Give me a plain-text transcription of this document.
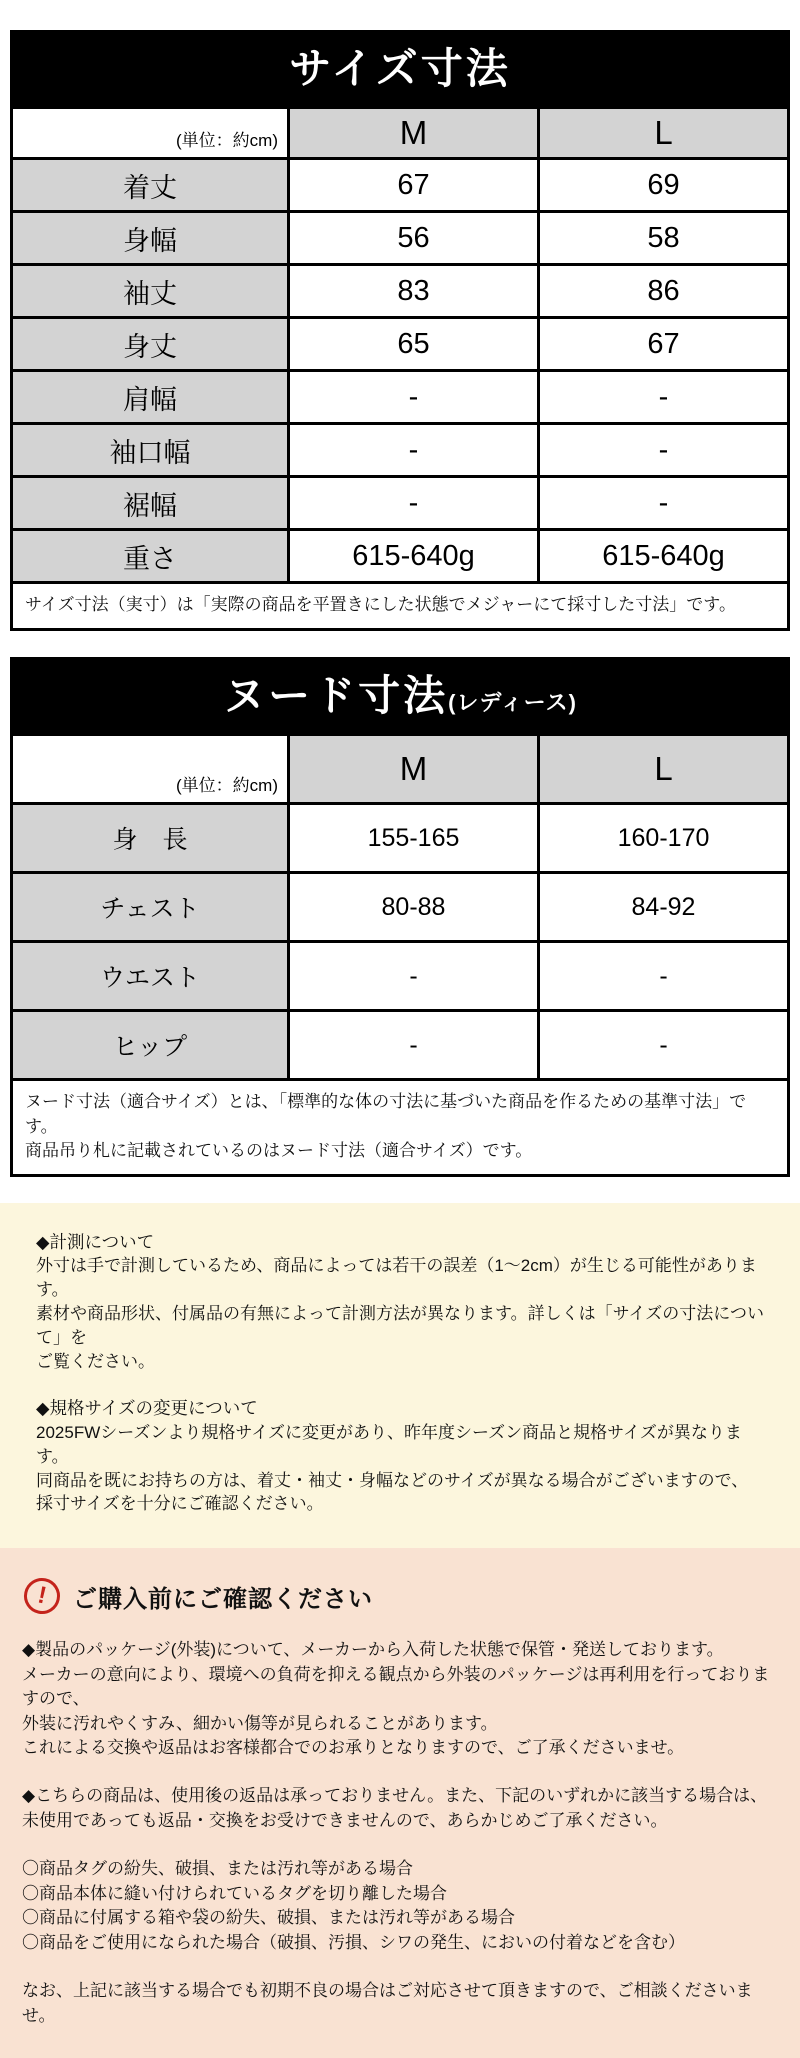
サイズ寸法
(単位：約cm)	M	L
着丈	67	69
身幅	56	58
袖丈	83	86
身丈	65	67
肩幅	-	-
袖口幅	-	-
裾幅	-	-
重さ	615-640g	615-640g
サイズ寸法（実寸）は「実際の商品を平置きにした状態でメジャーにて採寸した寸法」です。
ヌード寸法(レディース)
(単位：約cm)	M	L
身　長	155-165	160-170
チェスト	80-88	84-92
ウエスト	-	-
ヒップ	-	-
ヌード寸法（適合サイズ）とは、「標準的な体の寸法に基づいた商品を作るための基準寸法」です。
商品吊り札に記載されているのはヌード寸法（適合サイズ）です。
◆計測について
外寸は手で計測しているため、商品によっては若干の誤差（1～2cm）が生じる可能性があります。
素材や商品形状、付属品の有無によって計測方法が異なります。詳しくは「サイズの寸法について」を
ご覧ください。
◆規格サイズの変更について
2025FWシーズンより規格サイズに変更があり、昨年度シーズン商品と規格サイズが異なります。
同商品を既にお持ちの方は、着丈・袖丈・身幅などのサイズが異なる場合がございますので、
採寸サイズを十分にご確認ください。
!	ご購入前にご確認ください

◆製品のパッケージ(外装)について、メーカーから入荷した状態で保管・発送しております。
メーカーの意向により、環境への負荷を抑える観点から外装のパッケージは再利用を行っておりますので、
外装に汚れやくすみ、細かい傷等が見られることがあります。
これによる交換や返品はお客様都合でのお承りとなりますので、ご了承くださいませ。

◆こちらの商品は、使用後の返品は承っておりません。また、下記のいずれかに該当する場合は、
未使用であっても返品・交換をお受けできませんので、あらかじめご了承ください。

〇商品タグの紛失、破損、または汚れ等がある場合
〇商品本体に縫い付けられているタグを切り離した場合
〇商品に付属する箱や袋の紛失、破損、または汚れ等がある場合
〇商品をご使用になられた場合（破損、汚損、シワの発生、においの付着などを含む）

なお、上記に該当する場合でも初期不良の場合はご対応させて頂きますので、ご相談くださいませ。
